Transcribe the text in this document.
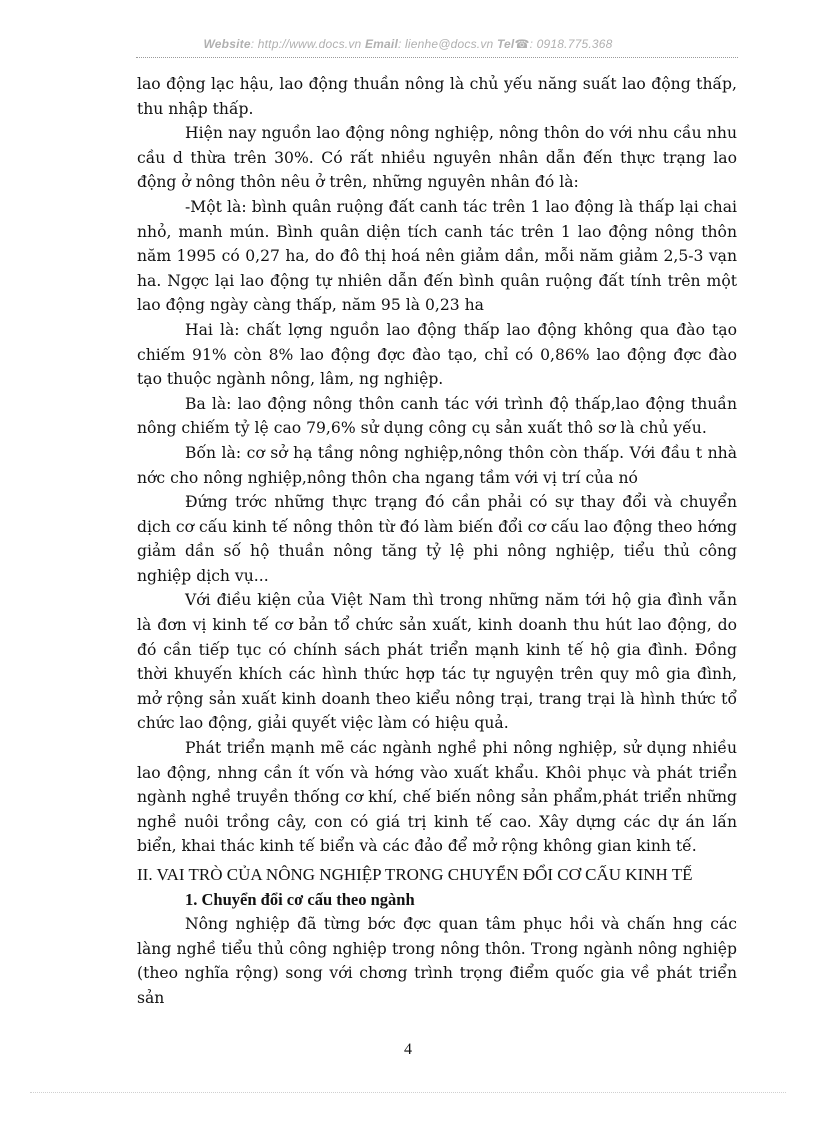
Website: http://www.docs.vn Email: lienhe@docs.vn Tel☎: 0918.775.368

lao động lạc hậu, lao động thuần nông là chủ yếu năng suất lao động thấp, thu nhập thấp.

Hiện nay nguồn lao động nông nghiệp, nông thôn do với nhu cầu nhu cầu d thừa trên 30%. Có rất nhiều nguyên nhân dẫn đến thực trạng lao động ở nông thôn nêu ở trên, những nguyên nhân đó là:

-Một là: bình quân ruộng đất canh tác trên 1 lao động là thấp lại chai nhỏ, manh mún. Bình quân diện tích canh tác trên 1 lao động nông thôn năm 1995 có 0,27 ha, do đô thị hoá nên giảm dần, mỗi năm giảm 2,5-3 vạn ha. Ngợc lại lao động tự nhiên dẫn đến bình quân ruộng đất tính trên một lao động ngày càng thấp, năm 95 là 0,23 ha

Hai là: chất lợng nguồn lao động thấp lao động không qua đào tạo chiếm 91% còn 8% lao động đợc đào tạo, chỉ có 0,86% lao động đợc đào tạo thuộc ngành nông, lâm, ng nghiệp.

Ba là: lao động nông thôn canh tác với trình độ thấp,lao động thuần nông chiếm tỷ lệ cao 79,6% sử dụng công cụ sản xuất thô sơ là chủ yếu.

Bốn là: cơ sở hạ tầng nông nghiệp,nông thôn còn thấp. Với đầu t nhà nớc cho nông nghiệp,nông thôn cha ngang tầm với vị trí của nó

Đứng trớc những thực trạng đó cần phải có sự thay đổi và chuyển dịch cơ cấu kinh tế nông thôn từ đó làm biến đổi cơ cấu lao động theo hớng giảm dần số hộ thuần nông tăng tỷ lệ phi nông nghiệp, tiểu thủ công nghiệp dịch vụ...

Với điều kiện của Việt Nam thì trong những năm tới hộ gia đình vẫn là đơn vị kinh tế cơ bản tổ chức sản xuất, kinh doanh thu hút lao động, do đó cần tiếp tục có chính sách phát triển mạnh kinh tế hộ gia đình. Đồng thời khuyến khích các hình thức hợp tác tự nguyện trên quy mô gia đình, mở rộng sản xuất kinh doanh theo kiểu nông trại, trang trại là hình thức tổ chức lao động, giải quyết việc làm có hiệu quả.

Phát triển mạnh mẽ các ngành nghề phi nông nghiệp, sử dụng nhiều lao động, nhng cần ít vốn và hớng vào xuất khẩu. Khôi phục và phát triển ngành nghề truyền thống cơ khí, chế biến nông sản phẩm,phát triển những nghề nuôi trồng cây, con có giá trị kinh tế cao. Xây dựng các dự án lấn biển, khai thác kinh tế biển và các đảo để mở rộng không gian kinh tế.

II. VAI TRÒ CỦA NÔNG NGHIỆP TRONG CHUYỂN ĐỔI CƠ CẤU KINH TẾ

1. Chuyển đổi cơ cấu theo ngành

Nông nghiệp đã từng bớc đợc quan tâm phục hồi và chấn hng các làng nghề tiểu thủ công nghiệp trong nông thôn. Trong ngành nông nghiệp (theo nghĩa rộng) song với chơng trình trọng điểm quốc gia về phát triển sản

4
